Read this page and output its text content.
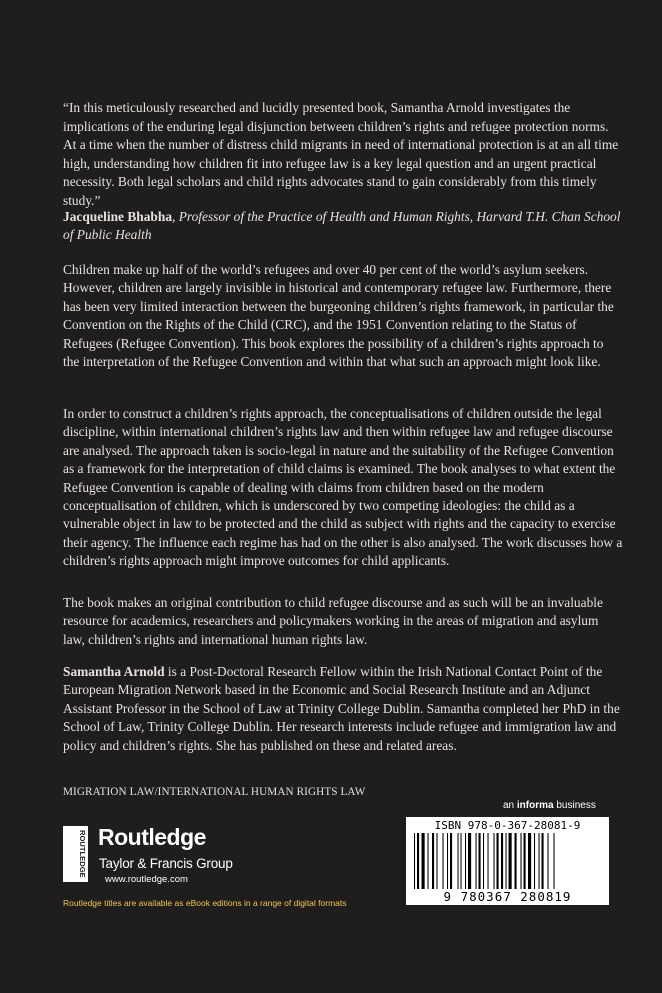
“In this meticulously researched and lucidly presented book, Samantha Arnold investigates the implications of the enduring legal disjunction between children’s rights and refugee protection norms. At a time when the number of distress child migrants in need of international protection is at an all time high, understanding how children fit into refugee law is a key legal question and an urgent practical necessity. Both legal scholars and child rights advocates stand to gain considerably from this timely study.”

Jacqueline Bhabha, Professor of the Practice of Health and Human Rights, Harvard T.H. Chan School of Public Health

Children make up half of the world’s refugees and over 40 per cent of the world’s asylum seekers. However, children are largely invisible in historical and contemporary refugee law. Furthermore, there has been very limited interaction between the burgeoning children’s rights framework, in particular the Convention on the Rights of the Child (CRC), and the 1951 Convention relating to the Status of Refugees (Refugee Convention). This book explores the possibility of a children’s rights approach to the interpretation of the Refugee Convention and within that what such an approach might look like.

In order to construct a children’s rights approach, the conceptualisations of children outside the legal discipline, within international children’s rights law and then within refugee law and refugee discourse are analysed. The approach taken is socio-legal in nature and the suitability of the Refugee Convention as a framework for the interpretation of child claims is examined. The book analyses to what extent the Refugee Convention is capable of dealing with claims from children based on the modern conceptualisation of children, which is underscored by two competing ideologies: the child as a vulnerable object in law to be protected and the child as subject with rights and the capacity to exercise their agency. The influence each regime has had on the other is also analysed. The work discusses how a children’s rights approach might improve outcomes for child applicants.

The book makes an original contribution to child refugee discourse and as such will be an invaluable resource for academics, researchers and policymakers working in the areas of migration and asylum law, children’s rights and international human rights law.

Samantha Arnold is a Post-Doctoral Research Fellow within the Irish National Contact Point of the European Migration Network based in the Economic and Social Research Institute and an Adjunct Assistant Professor in the School of Law at Trinity College Dublin. Samantha completed her PhD in the School of Law, Trinity College Dublin. Her research interests include refugee and immigration law and policy and children’s rights. She has published on these and related areas.

MIGRATION LAW/INTERNATIONAL HUMAN RIGHTS LAW
an informa business
ROUTLEDGE Routledge
Taylor & Francis Group
www.routledge.com
Routledge titles are available as eBook editions in a range of digital formats
ISBN 978-0-367-28081-9
9 780367 280819
